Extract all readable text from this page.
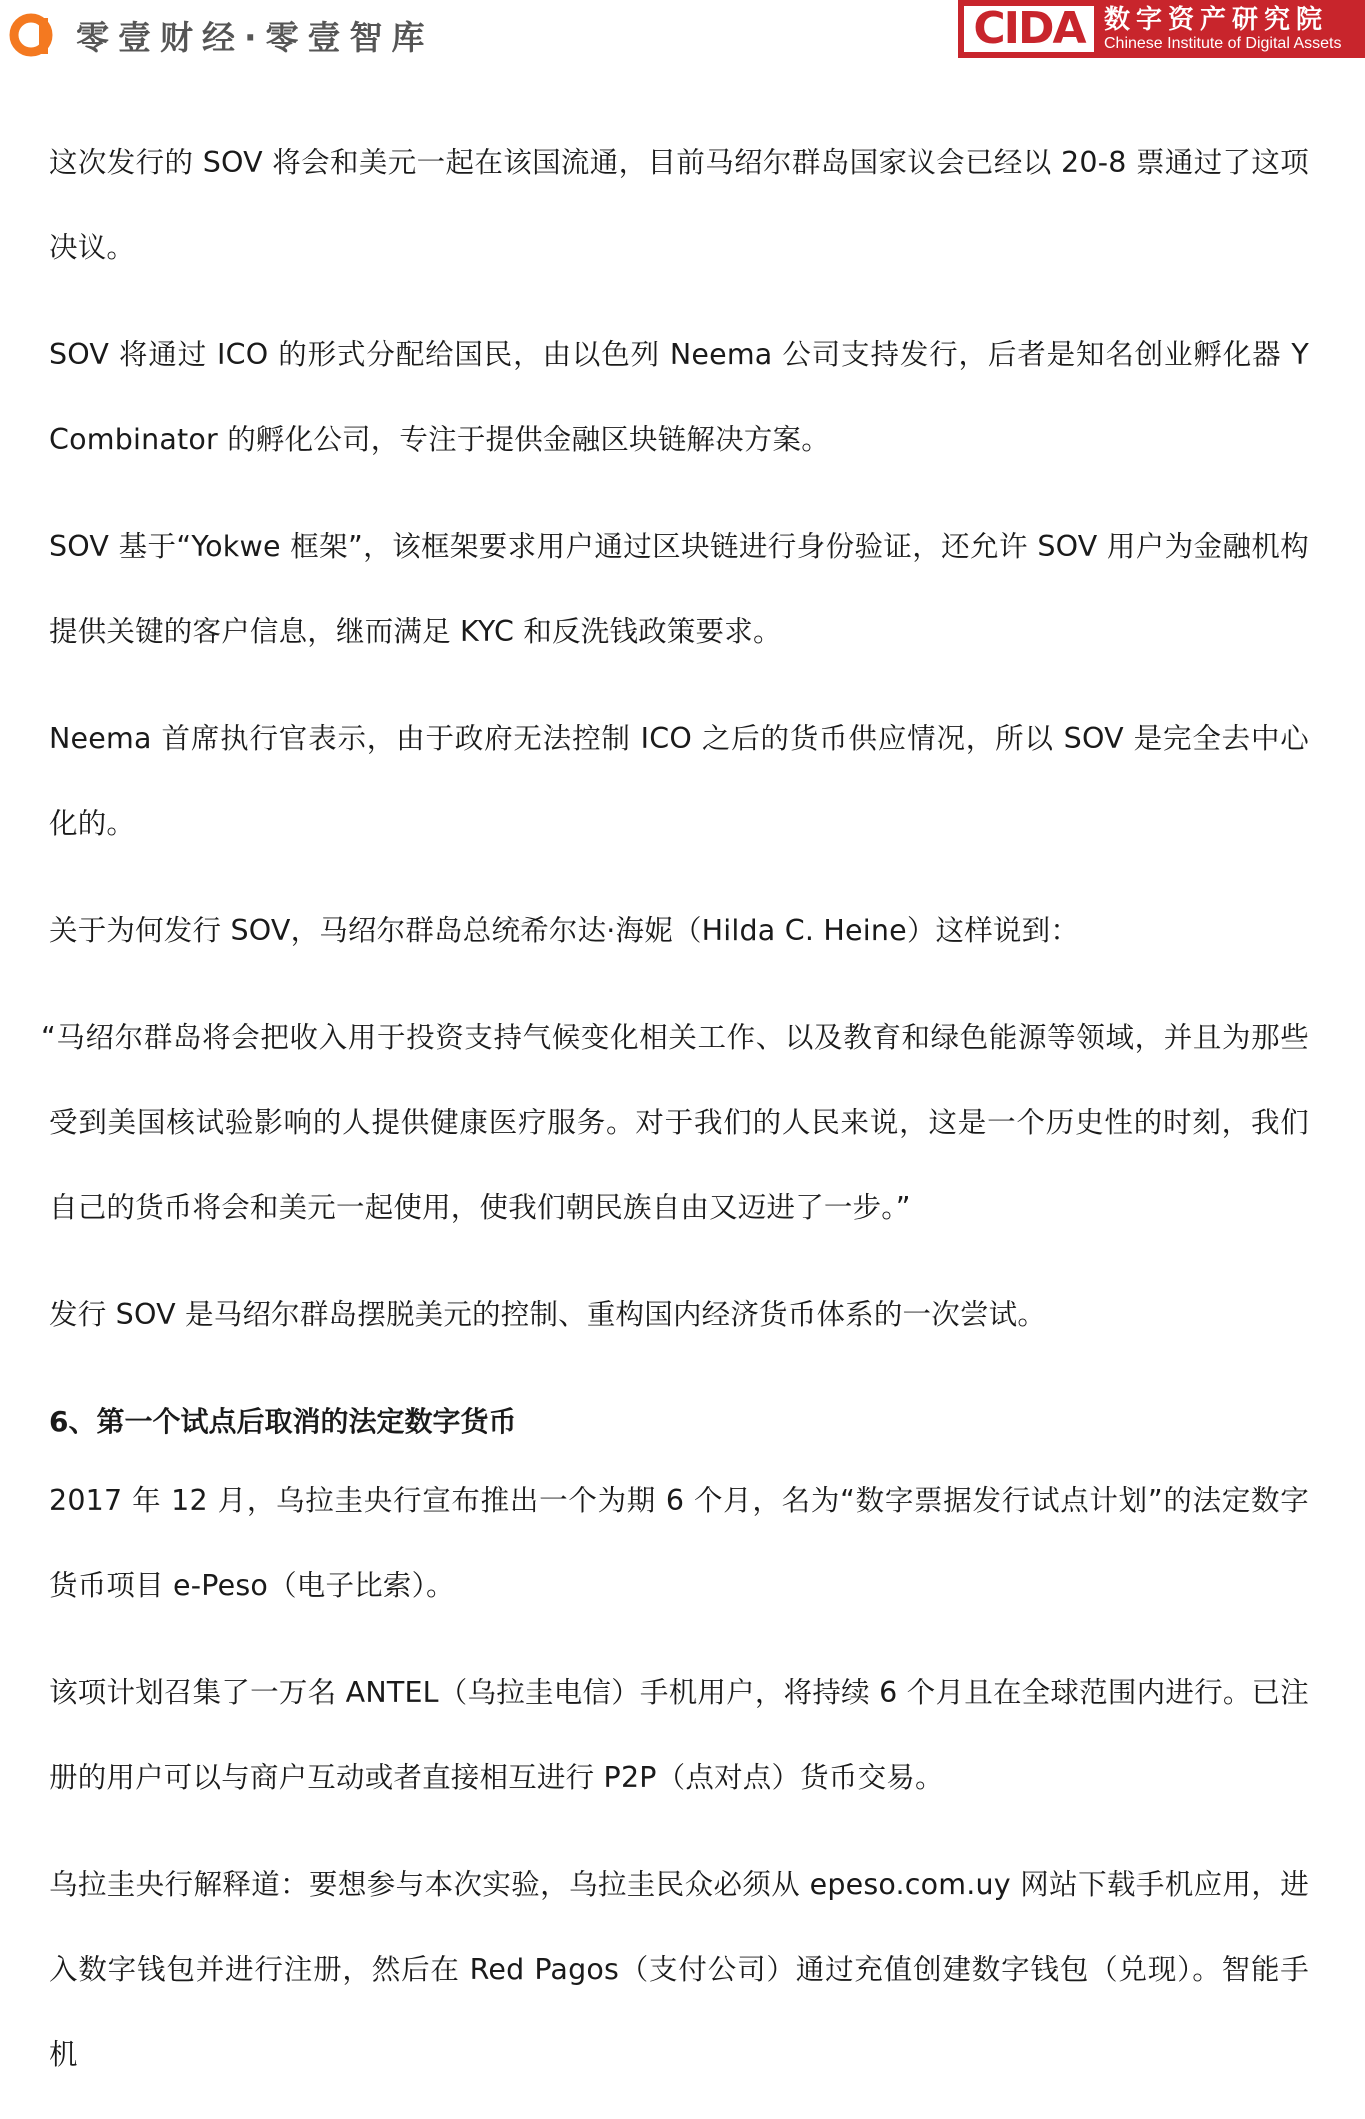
零壹财经·零壹智库	CIDA 数字资产研究院
Chinese Institute of Digital Assets

这次发行的 SOV 将会和美元一起在该国流通，目前马绍尔群岛国家议会已经以 20-8 票通过了这项决议。

SOV 将通过 ICO 的形式分配给国民，由以色列 Neema 公司支持发行，后者是知名创业孵化器 Y Combinator 的孵化公司，专注于提供金融区块链解决方案。

SOV 基于“Yokwe 框架”，该框架要求用户通过区块链进行身份验证，还允许 SOV 用户为金融机构提供关键的客户信息，继而满足 KYC 和反洗钱政策要求。

Neema 首席执行官表示，由于政府无法控制 ICO 之后的货币供应情况，所以 SOV 是完全去中心化的。

关于为何发行 SOV，马绍尔群岛总统希尔达·海妮（Hilda C. Heine）这样说到：

“马绍尔群岛将会把收入用于投资支持气候变化相关工作、以及教育和绿色能源等领域，并且为那些受到美国核试验影响的人提供健康医疗服务。对于我们的人民来说，这是一个历史性的时刻，我们自己的货币将会和美元一起使用，使我们朝民族自由又迈进了一步。”

发行 SOV 是马绍尔群岛摆脱美元的控制、重构国内经济货币体系的一次尝试。

6、第一个试点后取消的法定数字货币

2017 年 12 月，乌拉圭央行宣布推出一个为期 6 个月，名为“数字票据发行试点计划”的法定数字货币项目 e-Peso（电子比索）。

该项计划召集了一万名 ANTEL（乌拉圭电信）手机用户，将持续 6 个月且在全球范围内进行。已注册的用户可以与商户互动或者直接相互进行 P2P（点对点）货币交易。

乌拉圭央行解释道：要想参与本次实验，乌拉圭民众必须从 epeso.com.uy 网站下载手机应用，进入数字钱包并进行注册，然后在 Red Pagos（支付公司）通过充值创建数字钱包（兑现）。智能手机
